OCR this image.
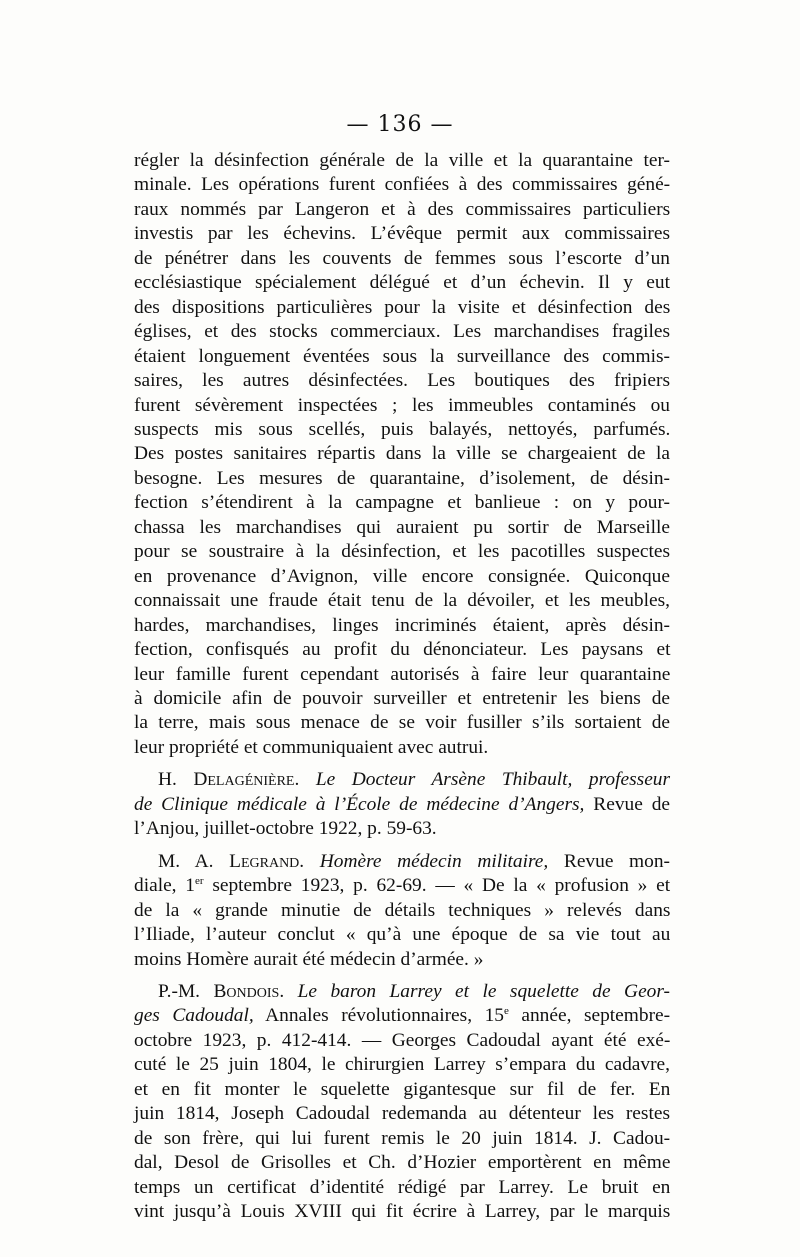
— 136 —

régler la désinfection générale de la ville et la quarantaine ter-
minale. Les opérations furent confiées à des commissaires géné-
raux nommés par Langeron et à des commissaires particuliers
investis par les échevins. L’évêque permit aux commissaires
de pénétrer dans les couvents de femmes sous l’escorte d’un
ecclésiastique spécialement délégué et d’un échevin. Il y eut
des dispositions particulières pour la visite et désinfection des
églises, et des stocks commerciaux. Les marchandises fragiles
étaient longuement éventées sous la surveillance des commis-
saires, les autres désinfectées. Les boutiques des fripiers
furent sévèrement inspectées ; les immeubles contaminés ou
suspects mis sous scellés, puis balayés, nettoyés, parfumés.
Des postes sanitaires répartis dans la ville se chargeaient de la
besogne. Les mesures de quarantaine, d’isolement, de désin-
fection s’étendirent à la campagne et banlieue : on y pour-
chassa les marchandises qui auraient pu sortir de Marseille
pour se soustraire à la désinfection, et les pacotilles suspectes
en provenance d’Avignon, ville encore consignée. Quiconque
connaissait une fraude était tenu de la dévoiler, et les meubles,
hardes, marchandises, linges incriminés étaient, après désin-
fection, confisqués au profit du dénonciateur. Les paysans et
leur famille furent cependant autorisés à faire leur quarantaine
à domicile afin de pouvoir surveiller et entretenir les biens de
la terre, mais sous menace de se voir fusiller s’ils sortaient de
leur propriété et communiquaient avec autrui.

H. Delagénière. Le Docteur Arsène Thibault, professeur
de Clinique médicale à l’École de médecine d’Angers, Revue de
l’Anjou, juillet-octobre 1922, p. 59-63.

M. A. Legrand. Homère médecin militaire, Revue mon-
diale, 1er septembre 1923, p. 62-69. — « De la « profusion » et
de la « grande minutie de détails techniques » relevés dans
l’Iliade, l’auteur conclut « qu’à une époque de sa vie tout au
moins Homère aurait été médecin d’armée. »

P.-M. Bondois. Le baron Larrey et le squelette de Geor-
ges Cadoudal, Annales révolutionnaires, 15e année, septembre-
octobre 1923, p. 412-414. — Georges Cadoudal ayant été exé-
cuté le 25 juin 1804, le chirurgien Larrey s’empara du cadavre,
et en fit monter le squelette gigantesque sur fil de fer. En
juin 1814, Joseph Cadoudal redemanda au détenteur les restes
de son frère, qui lui furent remis le 20 juin 1814. J. Cadou-
dal, Desol de Grisolles et Ch. d’Hozier emportèrent en même
temps un certificat d’identité rédigé par Larrey. Le bruit en
vint jusqu’à Louis XVIII qui fit écrire à Larrey, par le marquis
